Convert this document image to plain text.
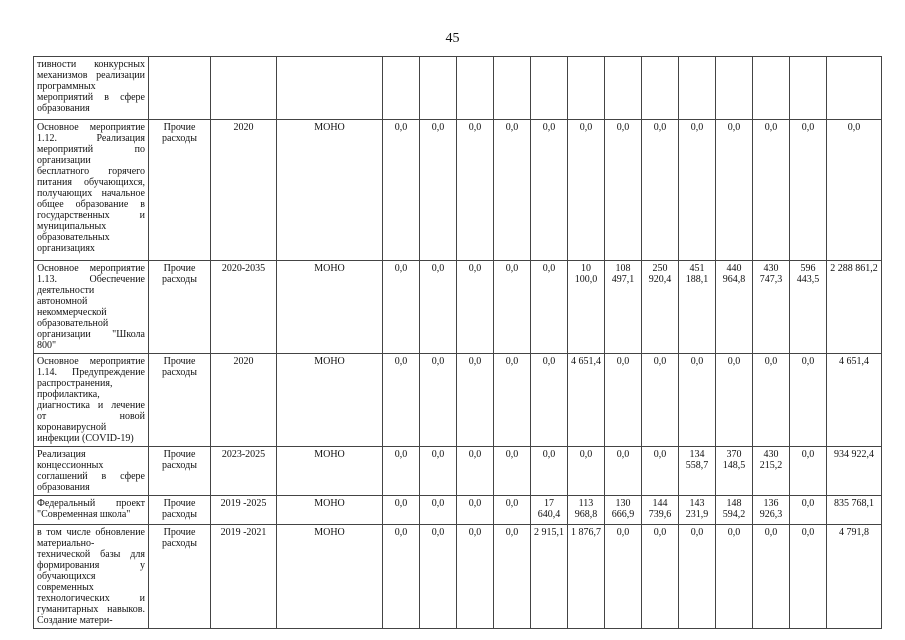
45
тивности конкурсных механизмов реализации программных мероприятий в сфере образования																	
Основное мероприятие 1.12. Реализация мероприятий по организации бесплатного горячего питания обучающихся, получающих начальное общее образование в государственных и муниципальных образовательных организациях	Прочие расходы	2020	МОНО	0,0	0,0	0,0	0,0	0,0	0,0	0,0	0,0	0,0	0,0	0,0	0,0	0,0	
Основное мероприятие 1.13. Обеспечение деятельности автономной некоммерческой образовательной организации "Школа 800"	Прочие расходы	2020-2035	МОНО	0,0	0,0	0,0	0,0	0,0	10 100,0	108 497,1	250 920,4	451 188,1	440 964,8	430 747,3	596 443,5	2 288 861,2	
Основное мероприятие 1.14. Предупреждение распространения, профилактика, диагностика и лечение от новой коронавирусной инфекции (COVID-19)	Прочие расходы	2020	МОНО	0,0	0,0	0,0	0,0	0,0	4 651,4	0,0	0,0	0,0	0,0	0,0	0,0	4 651,4	
Реализация концессионных соглашений в сфере образования	Прочие расходы	2023-2025	МОНО	0,0	0,0	0,0	0,0	0,0	0,0	0,0	0,0	134 558,7	370 148,5	430 215,2	0,0	934 922,4	
Федеральный проект "Современная школа"	Прочие расходы	2019 -2025	МОНО	0,0	0,0	0,0	0,0	17 640,4	113 968,8	130 666,9	144 739,6	143 231,9	148 594,2	136 926,3	0,0	835 768,1	
в том числе обновление материально-технической базы для формирования у обучающихся современных технологических и гуманитарных навыков. Создание матери-	Прочие расходы	2019 -2021	МОНО	0,0	0,0	0,0	0,0	2 915,1	1 876,7	0,0	0,0	0,0	0,0	0,0	0,0	4 791,8	
